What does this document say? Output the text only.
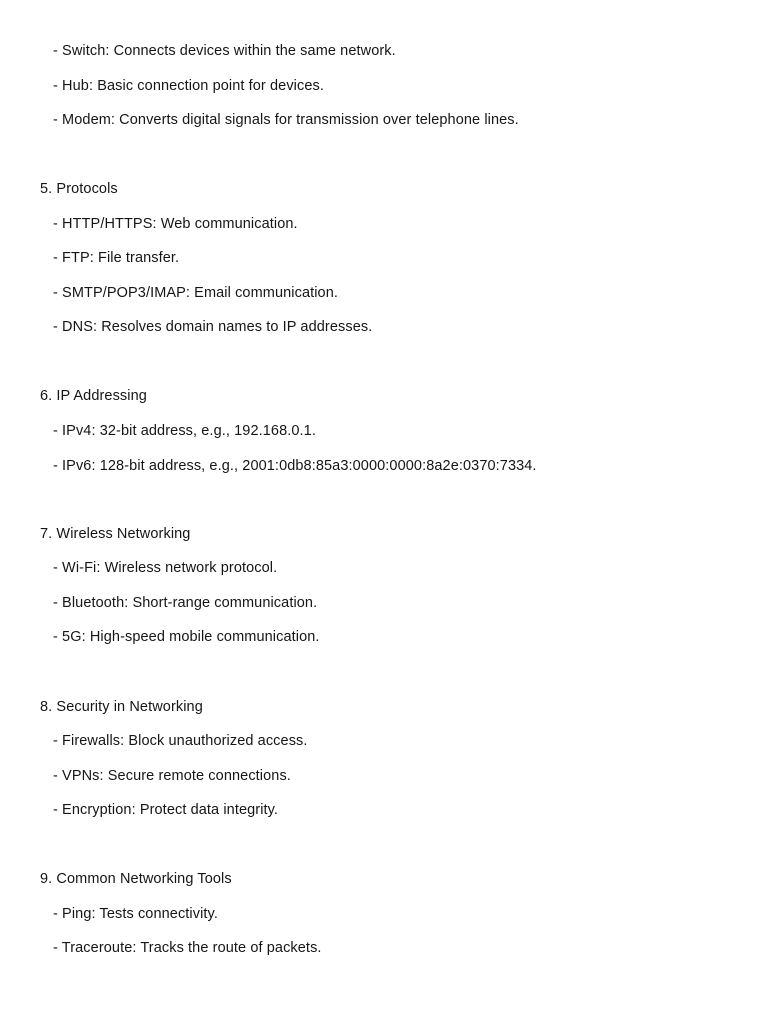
- Switch: Connects devices within the same network.
- Hub: Basic connection point for devices.
- Modem: Converts digital signals for transmission over telephone lines.
5. Protocols
- HTTP/HTTPS: Web communication.
- FTP: File transfer.
- SMTP/POP3/IMAP: Email communication.
- DNS: Resolves domain names to IP addresses.
6. IP Addressing
- IPv4: 32-bit address, e.g., 192.168.0.1.
- IPv6: 128-bit address, e.g., 2001:0db8:85a3:0000:0000:8a2e:0370:7334.
7. Wireless Networking
- Wi-Fi: Wireless network protocol.
- Bluetooth: Short-range communication.
- 5G: High-speed mobile communication.
8. Security in Networking
- Firewalls: Block unauthorized access.
- VPNs: Secure remote connections.
- Encryption: Protect data integrity.
9. Common Networking Tools
- Ping: Tests connectivity.
- Traceroute: Tracks the route of packets.
